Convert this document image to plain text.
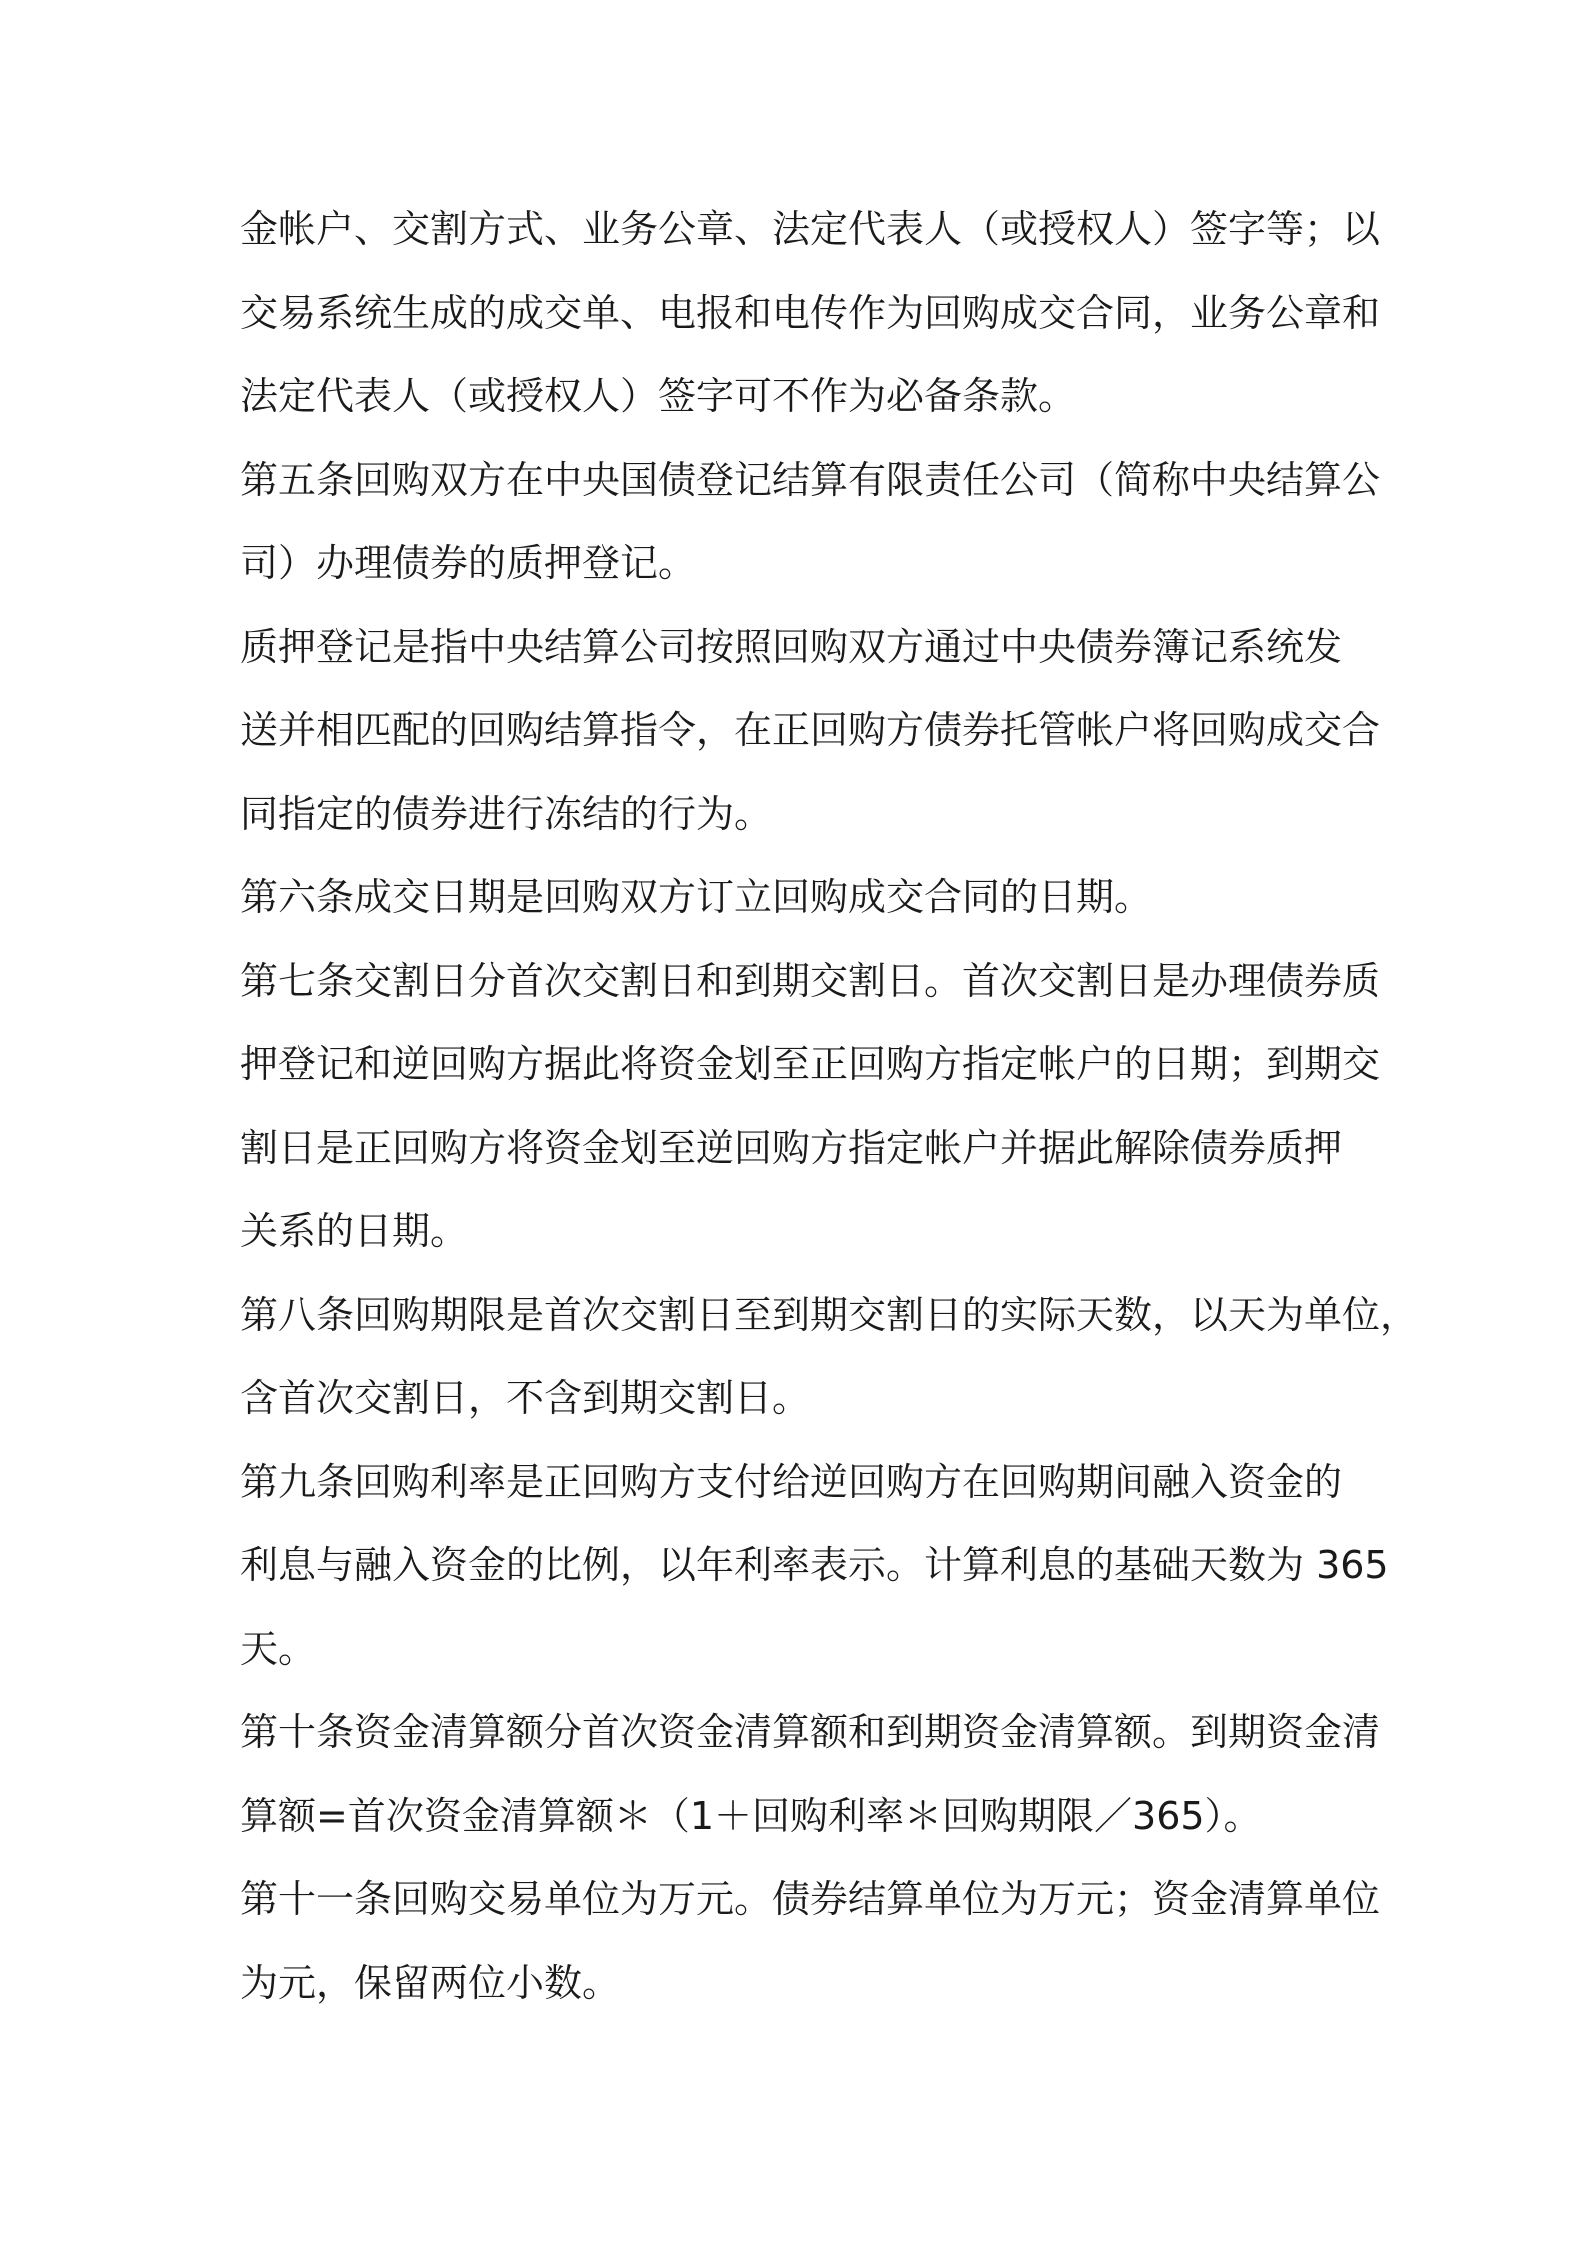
金帐户、交割方式、业务公章、法定代表人（或授权人）签字等；以
交易系统生成的成交单、电报和电传作为回购成交合同，业务公章和
法定代表人（或授权人）签字可不作为必备条款。
第五条回购双方在中央国债登记结算有限责任公司（简称中央结算公
司）办理债券的质押登记。
质押登记是指中央结算公司按照回购双方通过中央债券簿记系统发
送并相匹配的回购结算指令，在正回购方债券托管帐户将回购成交合
同指定的债券进行冻结的行为。
第六条成交日期是回购双方订立回购成交合同的日期。
第七条交割日分首次交割日和到期交割日。首次交割日是办理债券质
押登记和逆回购方据此将资金划至正回购方指定帐户的日期；到期交
割日是正回购方将资金划至逆回购方指定帐户并据此解除债券质押
关系的日期。
第八条回购期限是首次交割日至到期交割日的实际天数，以天为单位，
含首次交割日，不含到期交割日。
第九条回购利率是正回购方支付给逆回购方在回购期间融入资金的
利息与融入资金的比例，以年利率表示。计算利息的基础天数为 365
天。
第十条资金清算额分首次资金清算额和到期资金清算额。到期资金清
算额=首次资金清算额＊（1＋回购利率＊回购期限／365）。
第十一条回购交易单位为万元。债券结算单位为万元；资金清算单位
为元，保留两位小数。
